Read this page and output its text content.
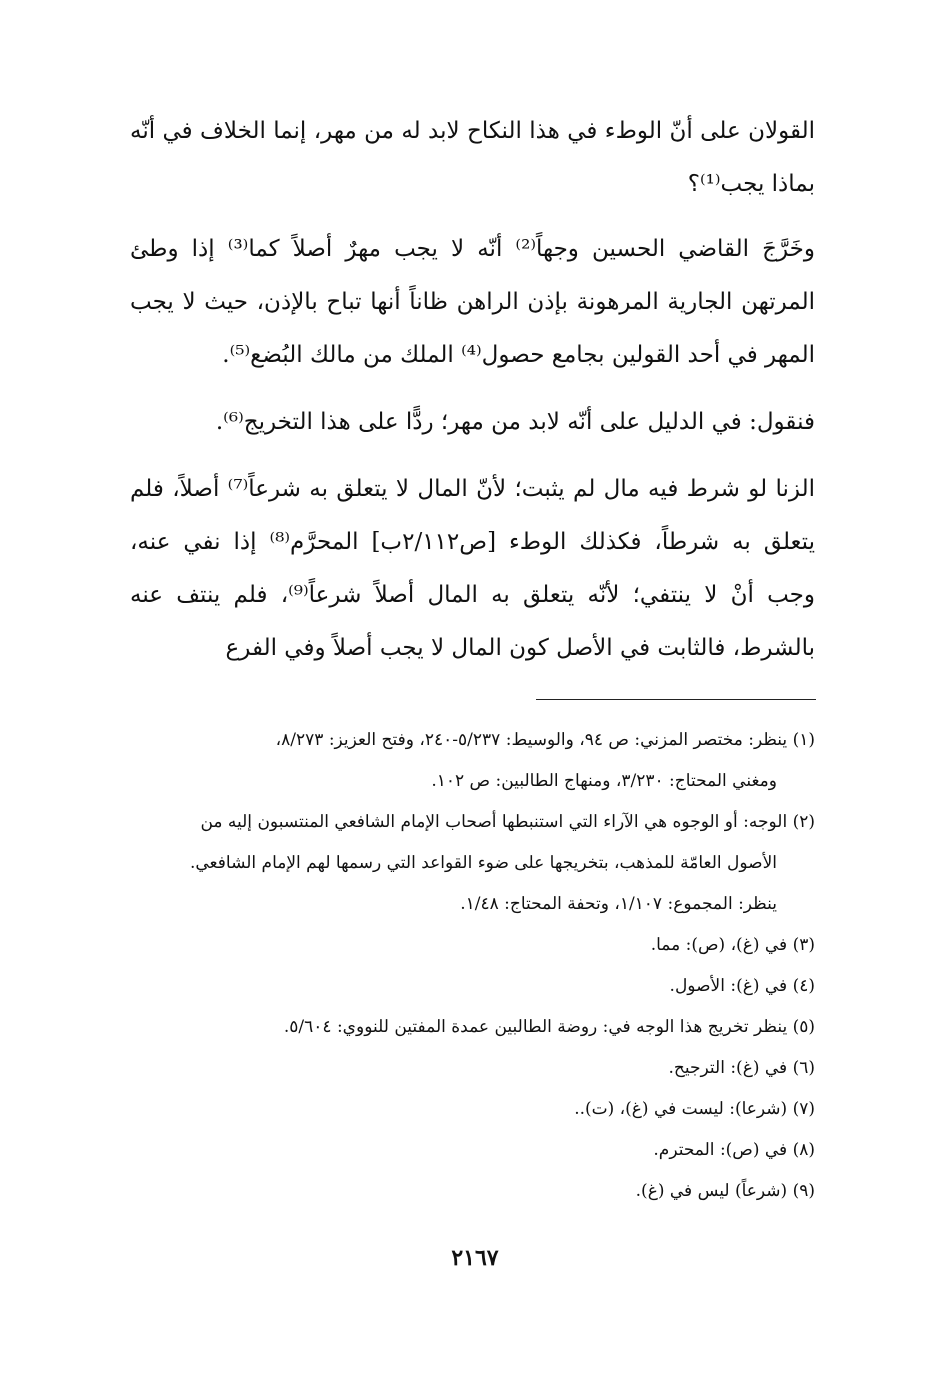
القولان على أنّ الوطء في هذا النكاح لابد له من مهر، إنما الخلاف في أنّه بماذا يجب⁽¹⁾؟

وخَرَّجَ القاضي الحسين وجهاً⁽²⁾ أنّه لا يجب مهرٌ أصلاً كما⁽³⁾ إذا وطئ المرتهن الجارية المرهونة بإذن الراهن ظاناً أنها تباح بالإذن، حيث لا يجب المهر في أحد القولين بجامع حصول⁽⁴⁾ الملك من مالك البُضع⁽⁵⁾.

فنقول: في الدليل على أنّه لابد من مهر؛ ردًّا على هذا التخريج⁽⁶⁾.

الزنا لو شرط فيه مال لم يثبت؛ لأنّ المال لا يتعلق به شرعاً⁽⁷⁾ أصلاً، فلم يتعلق به شرطاً، فكذلك الوطء [ص٢/١١٢ب] المحرَّم⁽⁸⁾ إذا نفي عنه، وجب أنْ لا ينتفي؛ لأنّه يتعلق به المال أصلاً شرعاً⁽⁹⁾، فلم ينتف عنه بالشرط، فالثابت في الأصل كون المال لا يجب أصلاً وفي الفرع

(١) ينظر: مختصر المزني: ص ٩٤، والوسيط: ٥/٢٣٧-٢٤٠، وفتح العزيز: ٨/٢٧٣،

ومغني المحتاج: ٣/٢٣٠، ومنهاج الطالبين: ص ١٠٢.

(٢) الوجه: أو الوجوه هي الآراء التي استنبطها أصحاب الإمام الشافعي المنتسبون إليه من

الأصول العامّة للمذهب، بتخريجها على ضوء القواعد التي رسمها لهم الإمام الشافعي.

ينظر: المجموع: ١/١٠٧، وتحفة المحتاج: ١/٤٨.

(٣) في (غ)، (ص): مما.

(٤) في (غ): الأصول.

(٥) ينظر تخريج هذا الوجه في: روضة الطالبين عمدة المفتين للنووي: ٥/٦٠٤.

(٦) في (غ): الترجيح.

(٧) (شرعا): ليست في (غ)، (ت)..

(٨) في (ص): المحترم.

(٩) (شرعاً) ليس في (غ).

٢١٦٧
